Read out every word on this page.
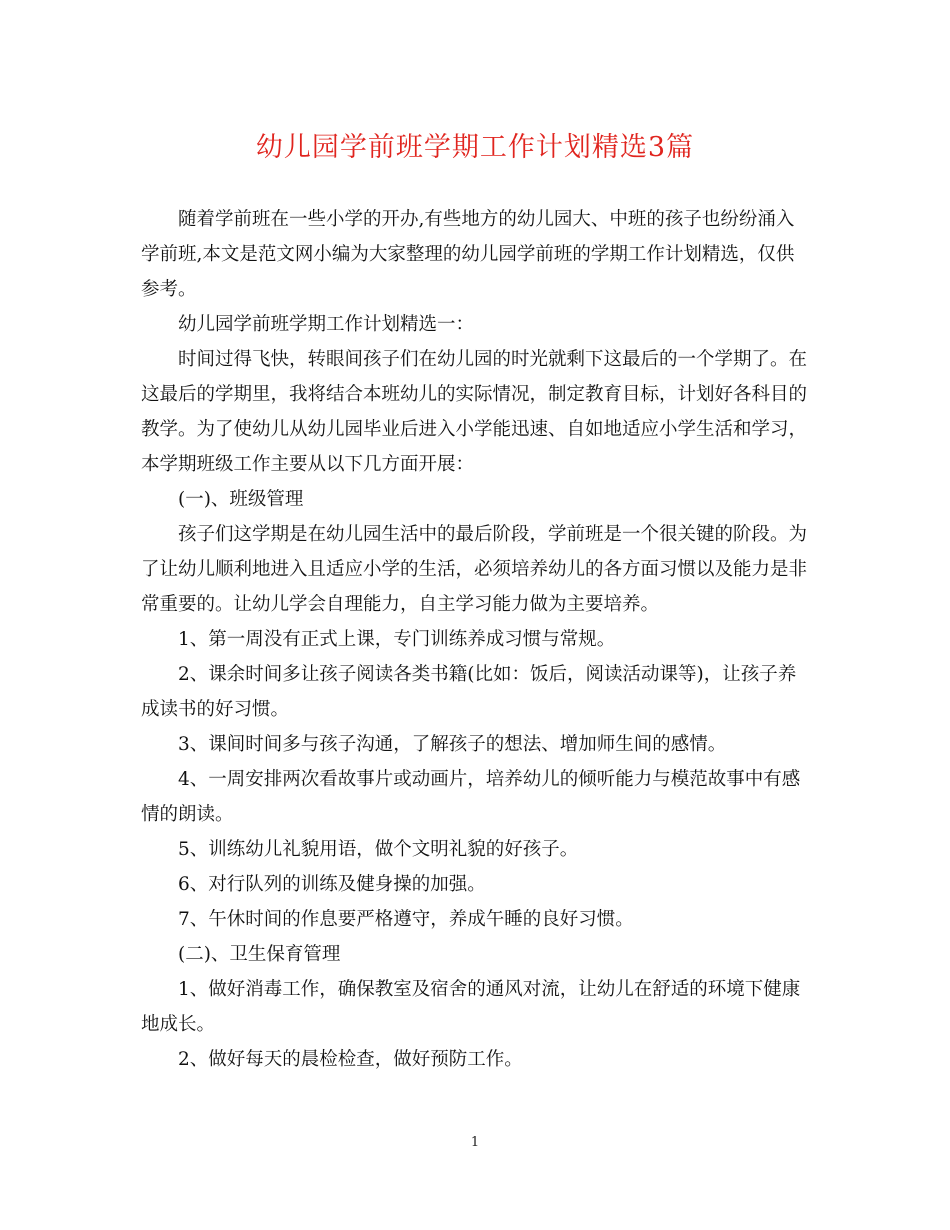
幼儿园学前班学期工作计划精选3篇

随着学前班在一些小学的开办,有些地方的幼儿园大、中班的孩子也纷纷涌入
学前班,本文是范文网小编为大家整理的幼儿园学前班的学期工作计划精选，仅供
参考。

幼儿园学前班学期工作计划精选一：

时间过得飞快，转眼间孩子们在幼儿园的时光就剩下这最后的一个学期了。在
这最后的学期里，我将结合本班幼儿的实际情况，制定教育目标，计划好各科目的
教学。为了使幼儿从幼儿园毕业后进入小学能迅速、自如地适应小学生活和学习，
本学期班级工作主要从以下几方面开展：

(一)、班级管理

孩子们这学期是在幼儿园生活中的最后阶段，学前班是一个很关键的阶段。为
了让幼儿顺利地进入且适应小学的生活，必须培养幼儿的各方面习惯以及能力是非
常重要的。让幼儿学会自理能力，自主学习能力做为主要培养。

1、第一周没有正式上课，专门训练养成习惯与常规。

2、课余时间多让孩子阅读各类书籍(比如：饭后，阅读活动课等)，让孩子养
成读书的好习惯。

3、课间时间多与孩子沟通，了解孩子的想法、增加师生间的感情。

4、一周安排两次看故事片或动画片，培养幼儿的倾听能力与模范故事中有感
情的朗读。

5、训练幼儿礼貌用语，做个文明礼貌的好孩子。

6、对行队列的训练及健身操的加强。

7、午休时间的作息要严格遵守，养成午睡的良好习惯。

(二)、卫生保育管理

1、做好消毒工作，确保教室及宿舍的通风对流，让幼儿在舒适的环境下健康
地成长。

2、做好每天的晨检检查，做好预防工作。

1
